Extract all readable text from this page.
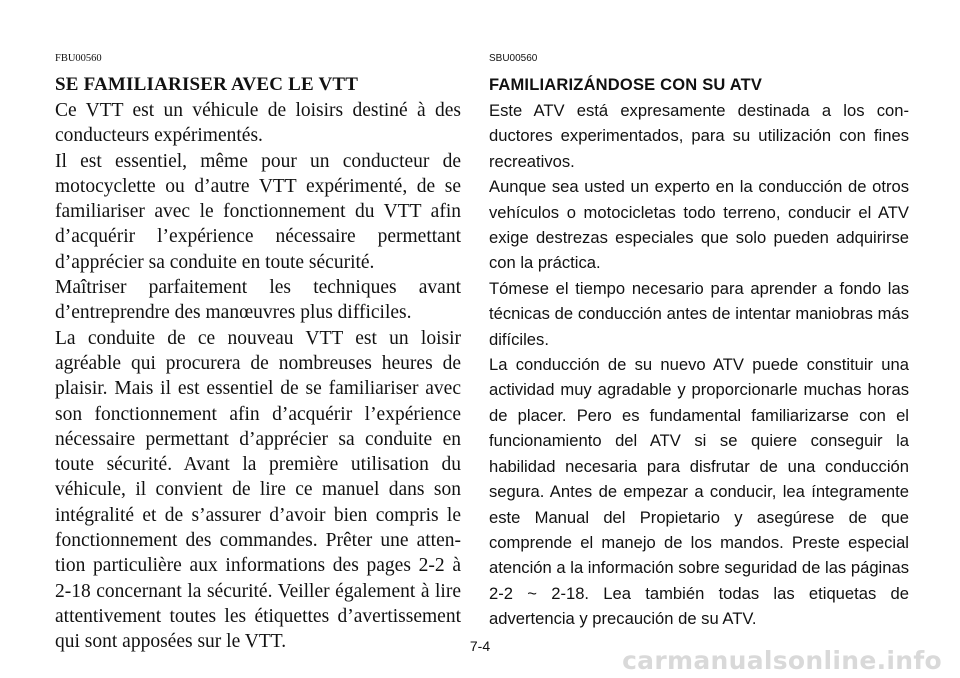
FBU00560

SE FAMILIARISER AVEC LE VTT

Ce VTT est un véhicule de loisirs destiné à des conducteurs expérimentés.

Il est essentiel, même pour un conducteur de motocyclette ou d’autre VTT expérimenté, de se familiariser avec le fonctionnement du VTT afin d’acquérir l’expérience nécessaire permettant d’apprécier sa conduite en toute sécurité.

Maîtriser parfaitement les techniques avant d’entreprendre des manœuvres plus difficiles.

La conduite de ce nouveau VTT est un loisir agréable qui procurera de nombreuses heures de plaisir. Mais il est essentiel de se familiariser avec son fonctionnement afin d’acquérir l’expérience nécessaire permettant d’apprécier sa conduite en toute sécurité. Avant la première utilisation du véhicule, il convient de lire ce manuel dans son intégralité et de s’assurer d’avoir bien compris le fonctionnement des commandes. Prêter une attention particulière aux informations des pages 2-2 à 2-18 concernant la sécurité. Veiller également à lire attentivement toutes les étiquettes d’avertissement qui sont apposées sur le VTT.

SBU00560

FAMILIARIZÁNDOSE CON SU ATV

Este ATV está expresamente destinada a los conductores experimentados, para su utilización con fines recreativos.

Aunque sea usted un experto en la conducción de otros vehículos o motocicletas todo terreno, conducir el ATV exige destrezas especiales que solo pueden adquirirse con la práctica.

Tómese el tiempo necesario para aprender a fondo las técnicas de conducción antes de intentar maniobras más difíciles.

La conducción de su nuevo ATV puede constituir una actividad muy agradable y proporcionarle muchas horas de placer. Pero es fundamental familiarizarse con el funcionamiento del ATV si se quiere conseguir la habilidad necesaria para disfrutar de una conducción segura. Antes de empezar a conducir, lea íntegramente este Manual del Propietario y asegúrese de que comprende el manejo de los mandos. Preste especial atención a la información sobre seguridad de las páginas 2-2 ~ 2-18. Lea también todas las etiquetas de advertencia y precaución de su ATV.

7-4	carmanualsonline.info
